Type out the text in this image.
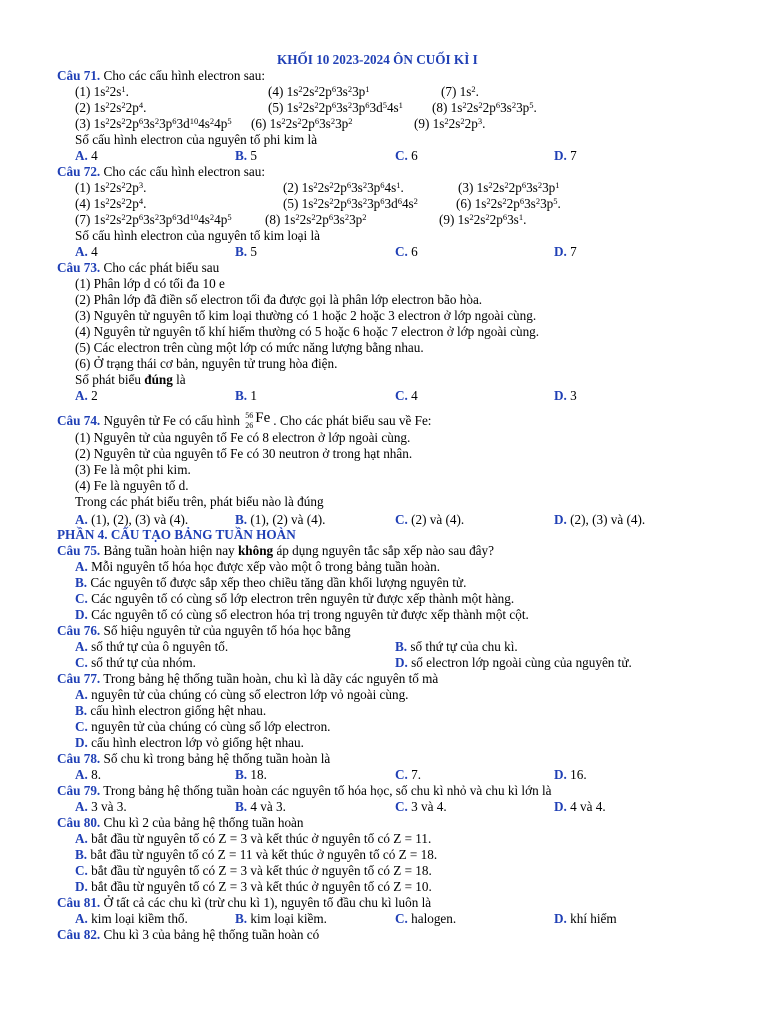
KHỐI 10 2023-2024 ÔN CUỐI KÌ I
Câu 71. Cho các cấu hình electron sau:
(1) $1s^22s^1$.	(4) $1s^22s^22p^63s^23p^1$	(7) $1s^2$.
(2) $1s^22s^22p^4$.	(5) $1s^22s^22p^63s^23p^63d^54s^1$ (8) $1s^22s^22p^63s^23p^5$.
(3) $1s^22s^22p^63s^23p^63d^{10}4s^24p^5$ (6) $1s^22s^22p^63s^23p^2$	(9) $1s^22s^22p^3$.
Số cấu hình electron của nguyên tố phi kim là
A. 4	B. 5	C. 6	D. 7
Câu 72. Cho các cấu hình electron sau:
(1) $1s^22s^22p^3$.	(2) $1s^22s^22p^63s^23p^64s^1$.	(3) $1s^22s^22p^63s^23p^1$
(4) $1s^22s^22p^4$.	(5) $1s^22s^22p^63s^23p^63d^64s^2$	(6) $1s^22s^22p^63s^23p^5$.
(7) $1s^22s^22p^63s^23p^63d^{10}4s^24p^5$	(8) $1s^22s^22p^63s^23p^2$	(9) $1s^22s^22p^63s^1$.
Số cấu hình electron của nguyên tố kim loại là
A. 4	B. 5	C. 6	D. 7
Câu 73. Cho các phát biểu sau
(1) Phân lớp d có tối đa 10 e
(2) Phân lớp đã điền số electron tối đa được gọi là phân lớp electron bão hòa.
(3) Nguyên tử nguyên tố kim loại thường có 1 hoặc 2 hoặc 3 electron ở lớp ngoài cùng.
(4) Nguyên tử nguyên tố khí hiếm thường có 5 hoặc 6 hoặc 7 electron ở lớp ngoài cùng.
(5) Các electron trên cùng một lớp có mức năng lượng bằng nhau.
(6) Ở trạng thái cơ bản, nguyên tử trung hòa điện.
Số phát biểu đúng là
A. 2	B. 1	C. 4	D. 3
Câu 74. Nguyên tử Fe có cấu hình 56
26 Fe . Cho các phát biểu sau về Fe:
(1) Nguyên tử của nguyên tố Fe có 8 electron ở lớp ngoài cùng.
(2) Nguyên tử của nguyên tố Fe có 30 neutron ở trong hạt nhân.
(3) Fe là một phi kim.
(4) Fe là nguyên tố d.
Trong các phát biểu trên, phát biểu nào là đúng
A. (1), (2), (3) và (4).	B. (1), (2) và (4).	C. (2) và (4).	D. (2), (3) và (4).
PHẦN 4. CẤU TẠO BẢNG TUẦN HOÀN
Câu 75. Bảng tuần hoàn hiện nay không áp dụng nguyên tắc sắp xếp nào sau đây?
A. Mỗi nguyên tố hóa học được xếp vào một ô trong bảng tuần hoàn.
B. Các nguyên tố được sắp xếp theo chiều tăng dần khối lượng nguyên tử.
C. Các nguyên tố có cùng số lớp electron trên nguyên tử được xếp thành một hàng.
D. Các nguyên tố có cùng số electron hóa trị trong nguyên tử được xếp thành một cột.
Câu 76. Số hiệu nguyên tử của nguyên tố hóa học bằng
A. số thứ tự của ô nguyên tố.	B. số thứ tự của chu kì.
C. số thứ tự của nhóm.	D. số electron lớp ngoài cùng của nguyên tử.
Câu 77. Trong bảng hệ thống tuần hoàn, chu kì là dãy các nguyên tố mà
A. nguyên tử của chúng có cùng số electron lớp vỏ ngoài cùng.
B. cấu hình electron giống hệt nhau.
C. nguyên tử của chúng có cùng số lớp electron.
D. cấu hình electron lớp vỏ giống hệt nhau.
Câu 78. Số chu kì trong bảng hệ thống tuần hoàn là
A. 8.	B. 18.	C. 7.	D. 16.
Câu 79. Trong bảng hệ thống tuần hoàn các nguyên tố hóa học, số chu kì nhỏ và chu kì lớn là
A. 3 và 3.	B. 4 và 3.	C. 3 và 4.	D. 4 và 4.
Câu 80. Chu kì 2 của bảng hệ thống tuần hoàn
A. bắt đầu từ nguyên tố có Z = 3 và kết thúc ở nguyên tố có Z = 11.
B. bắt đầu từ nguyên tố có Z = 11 và kết thúc ở nguyên tố có Z = 18.
C. bắt đầu từ nguyên tố có Z = 3 và kết thúc ở nguyên tố có Z = 18.
D. bắt đầu từ nguyên tố có Z = 3 và kết thúc ở nguyên tố có Z = 10.
Câu 81. Ở tất cả các chu kì (trừ chu kì 1), nguyên tố đầu chu kì luôn là
A. kim loại kiềm thổ.	B. kim loại kiềm.	C. halogen.	D. khí hiếm
Câu 82. Chu kì 3 của bảng hệ thống tuần hoàn có
